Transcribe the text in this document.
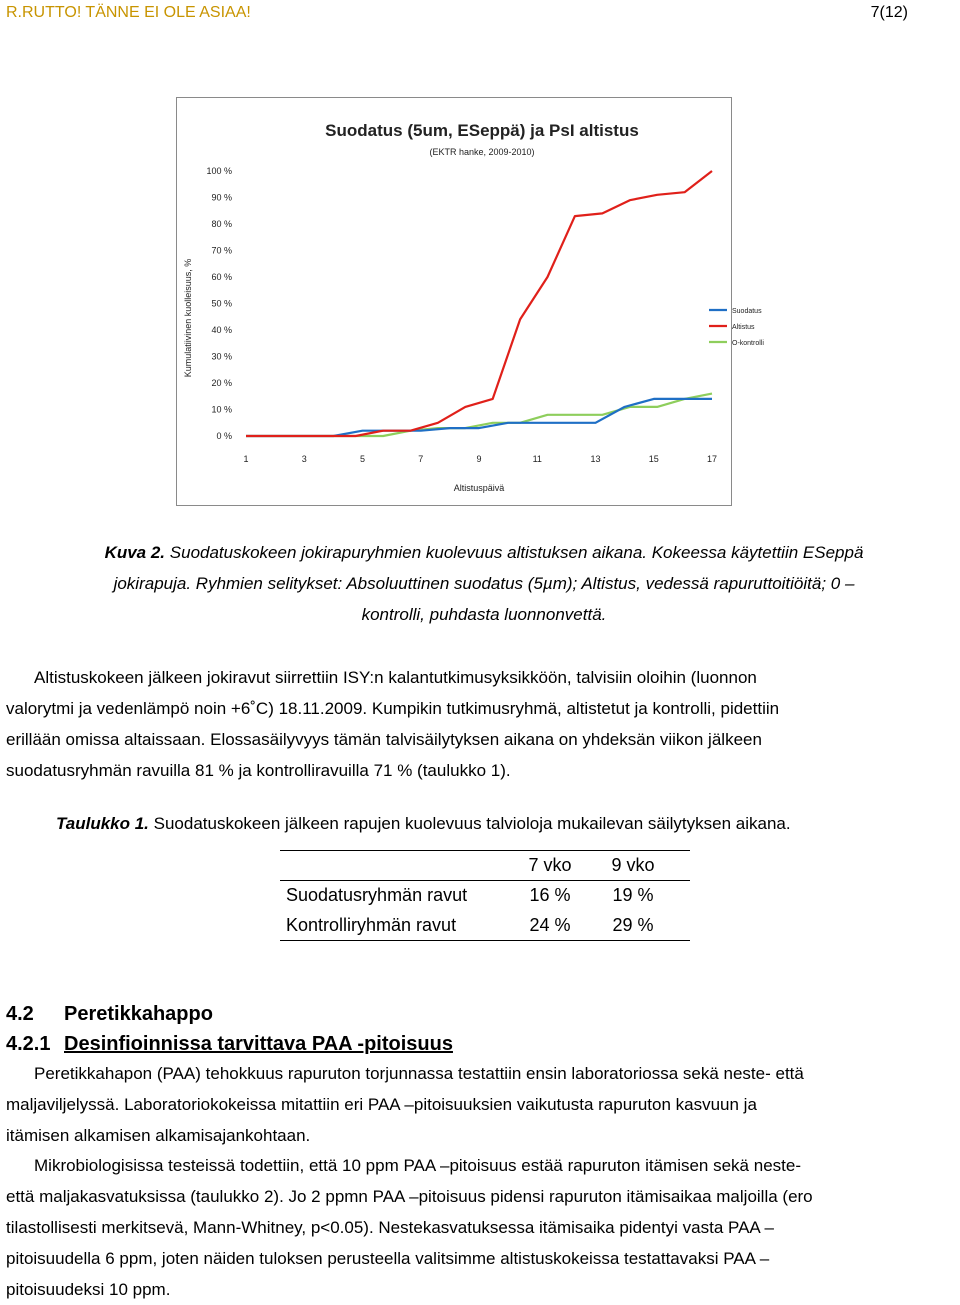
R.RUTTO! TÄNNE EI OLE ASIAA!	7(12)
Suodatus (5um, ESeppä) ja PsI altistus
(EKTR hanke, 2009-2010)
Kumulatiivinen kuolleisuus, %
Altistuspäivä
0 %
10 %
20 %
30 %
40 %
50 %
60 %
70 %
80 %
90 %
100 %
1	3	5	7	9	11	13	15	17
Suodatus
Altistus
O-kontrolli
Kuva 2. Suodatuskokeen jokirapuryhmien kuolevuus altistuksen aikana. Kokeessa käytettiin ESeppä
jokirapuja. Ryhmien selitykset: Absoluuttinen suodatus (5µm); Altistus, vedessä rapuruttoitiöitä; 0 –
kontrolli, puhdasta luonnonvettä.
Altistuskokeen jälkeen jokiravut siirrettiin ISY:n kalantutkimusyksikköön, talvisiin oloihin (luonnon
valorytmi ja vedenlämpö noin +6˚C) 18.11.2009. Kumpikin tutkimusryhmä, altistetut ja kontrolli, pidettiin
erillään omissa altaissaan. Elossasäilyvyys tämän talvisäilytyksen aikana on yhdeksän viikon jälkeen
suodatusryhmän ravuilla 81 % ja kontrolliravuilla 71 % (taulukko 1).
Taulukko 1. Suodatuskokeen jälkeen rapujen kuolevuus talvioloja mukailevan säilytyksen aikana.
	7 vko	9 vko
Suodatusryhmän ravut	16 %	19 %
Kontrolliryhmän ravut	24 %	29 %
4.2 Peretikkahappo
4.2.1 Desinfioinnissa tarvittava PAA -pitoisuus
Peretikkahapon (PAA) tehokkuus rapuruton torjunnassa testattiin ensin laboratoriossa sekä neste- että
maljaviljelyssä. Laboratoriokokeissa mitattiin eri PAA –pitoisuuksien vaikutusta rapuruton kasvuun ja
itämisen alkamisen alkamisajankohtaan.
Mikrobiologisissa testeissä todettiin, että 10 ppm PAA –pitoisuus estää rapuruton itämisen sekä neste-
että maljakasvatuksissa (taulukko 2). Jo 2 ppmn PAA –pitoisuus pidensi rapuruton itämisaikaa maljoilla (ero
tilastollisesti merkitsevä, Mann-Whitney, p<0.05). Nestekasvatuksessa itämisaika pidentyi vasta PAA –
pitoisuudella 6 ppm, joten näiden tuloksen perusteella valitsimme altistuskokeissa testattavaksi PAA –
pitoisuudeksi 10 ppm.
